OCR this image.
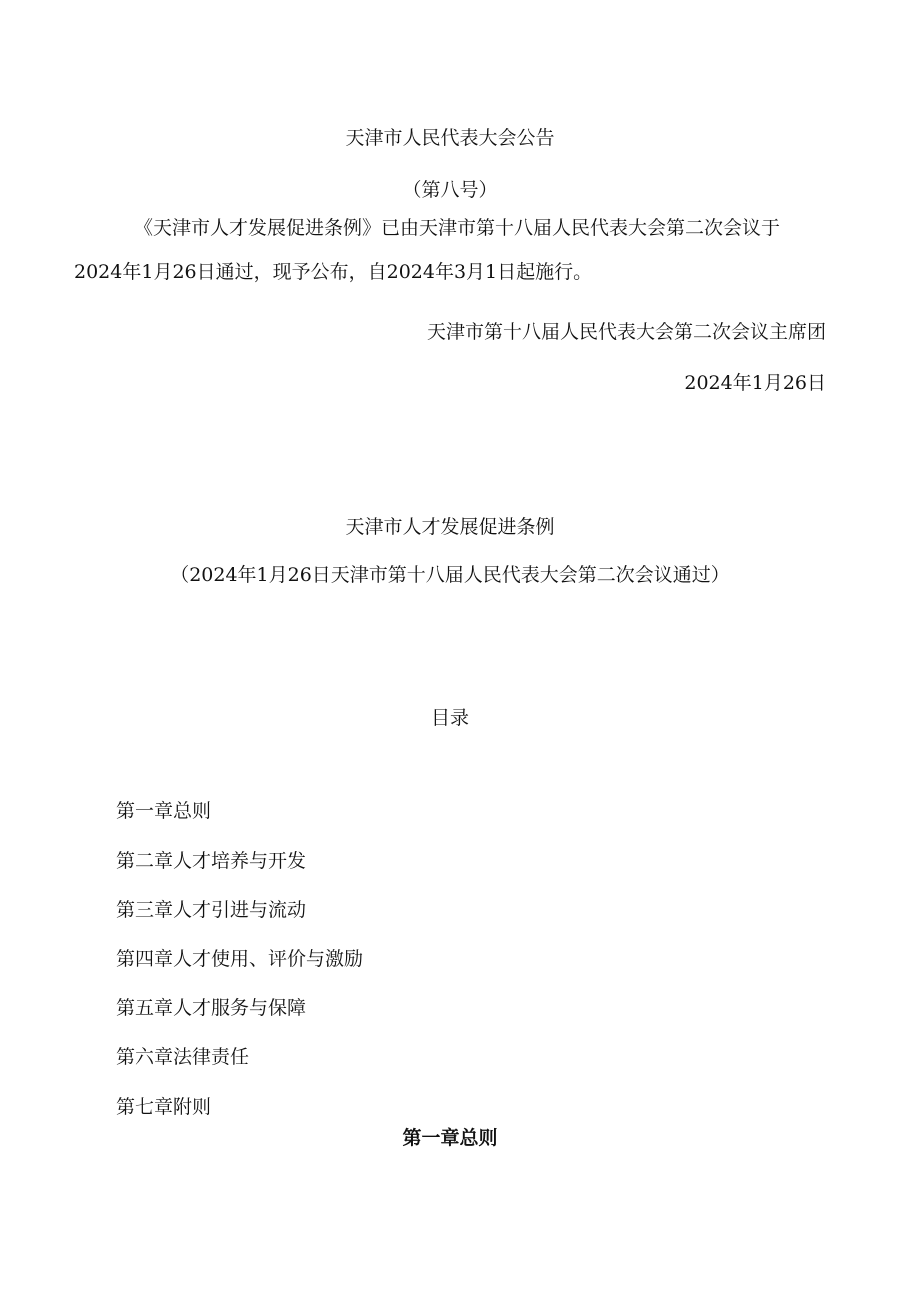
天津市人民代表大会公告
（第八号）
《天津市人才发展促进条例》已由天津市第十八届人民代表大会第二次会议于
2024年1月26日通过，现予公布，自2024年3月1日起施行。
天津市第十八届人民代表大会第二次会议主席团
2024年1月26日
天津市人才发展促进条例
（2024年1月26日天津市第十八届人民代表大会第二次会议通过）
目录
第一章总则
第二章人才培养与开发
第三章人才引进与流动
第四章人才使用、评价与激励
第五章人才服务与保障
第六章法律责任
第七章附则
第一章总则
